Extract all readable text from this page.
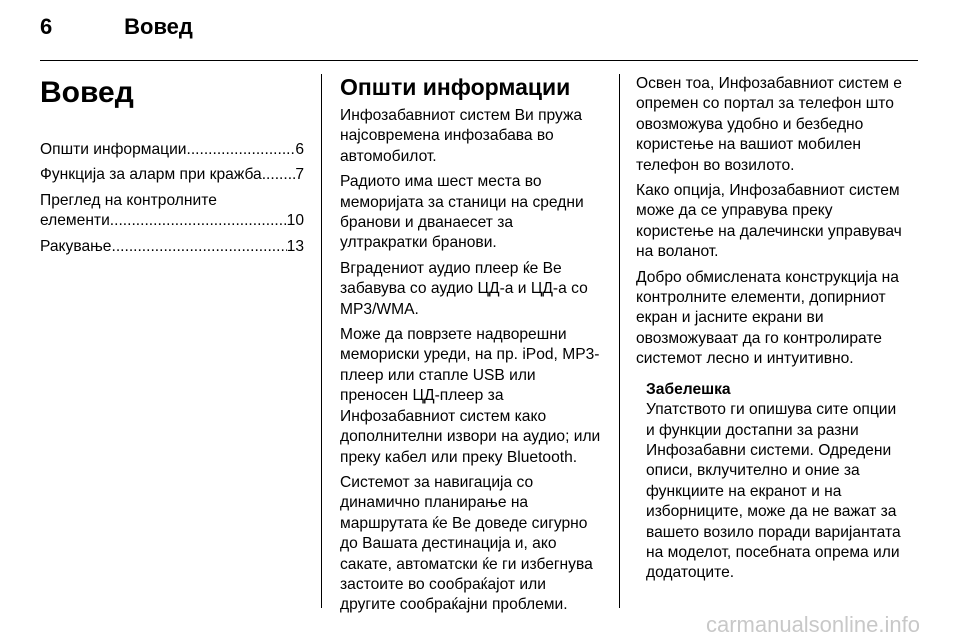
6	Вовед
Вовед
Општи информации .....	6
Функција за аларм при кражба ..... 7
Преглед на контролните
елементи .....	10
Ракување .....	13
Општи информации

Инфозабавниот систем Ви пружа најсовремена инфозабава во автомобилот.

Радиото има шест места во меморијата за станици на средни бранови и дванаесет за ултракратки бранови.

Вградениот аудио плеер ќе Ве забавува со аудио ЦД-а и ЦД-а со MP3/WMA.

Може да поврзете надворешни мемориски уреди, на пр. iPod, MP3-плеер или стапле USB или преносен ЦД-плеер за Инфозабавниот систем како дополнителни извори на аудио; или преку кабел или преку Bluetooth.

Системот за навигација со динамично планирање на маршрутата ќе Ве доведе сигурно до Вашата дестинација и, ако сакате, автоматски ќе ги избегнува застоите во сообраќајот или другите сообраќајни проблеми.

Освен тоа, Инфозабавниот систем е опремен со портал за телефон што овозможува удобно и безбедно користење на вашиот мобилен телефон во возилото.

Како опција, Инфозабавниот систем може да се управува преку користење на далечински управувач на воланот.

Добро обмислената конструкција на контролните елементи, допирниот екран и јасните екрани ви овозможуваат да го контролирате системот лесно и интуитивно.

Забелешка

Упатството ги опишува сите опции и функции достапни за разни Инфозабавни системи. Одредени описи, вклучително и оние за функциите на екранот и на изборниците, може да не важат за вашето возило поради варијантата на моделот, посебната опрема или додатоците.

carmanualsonline.info
